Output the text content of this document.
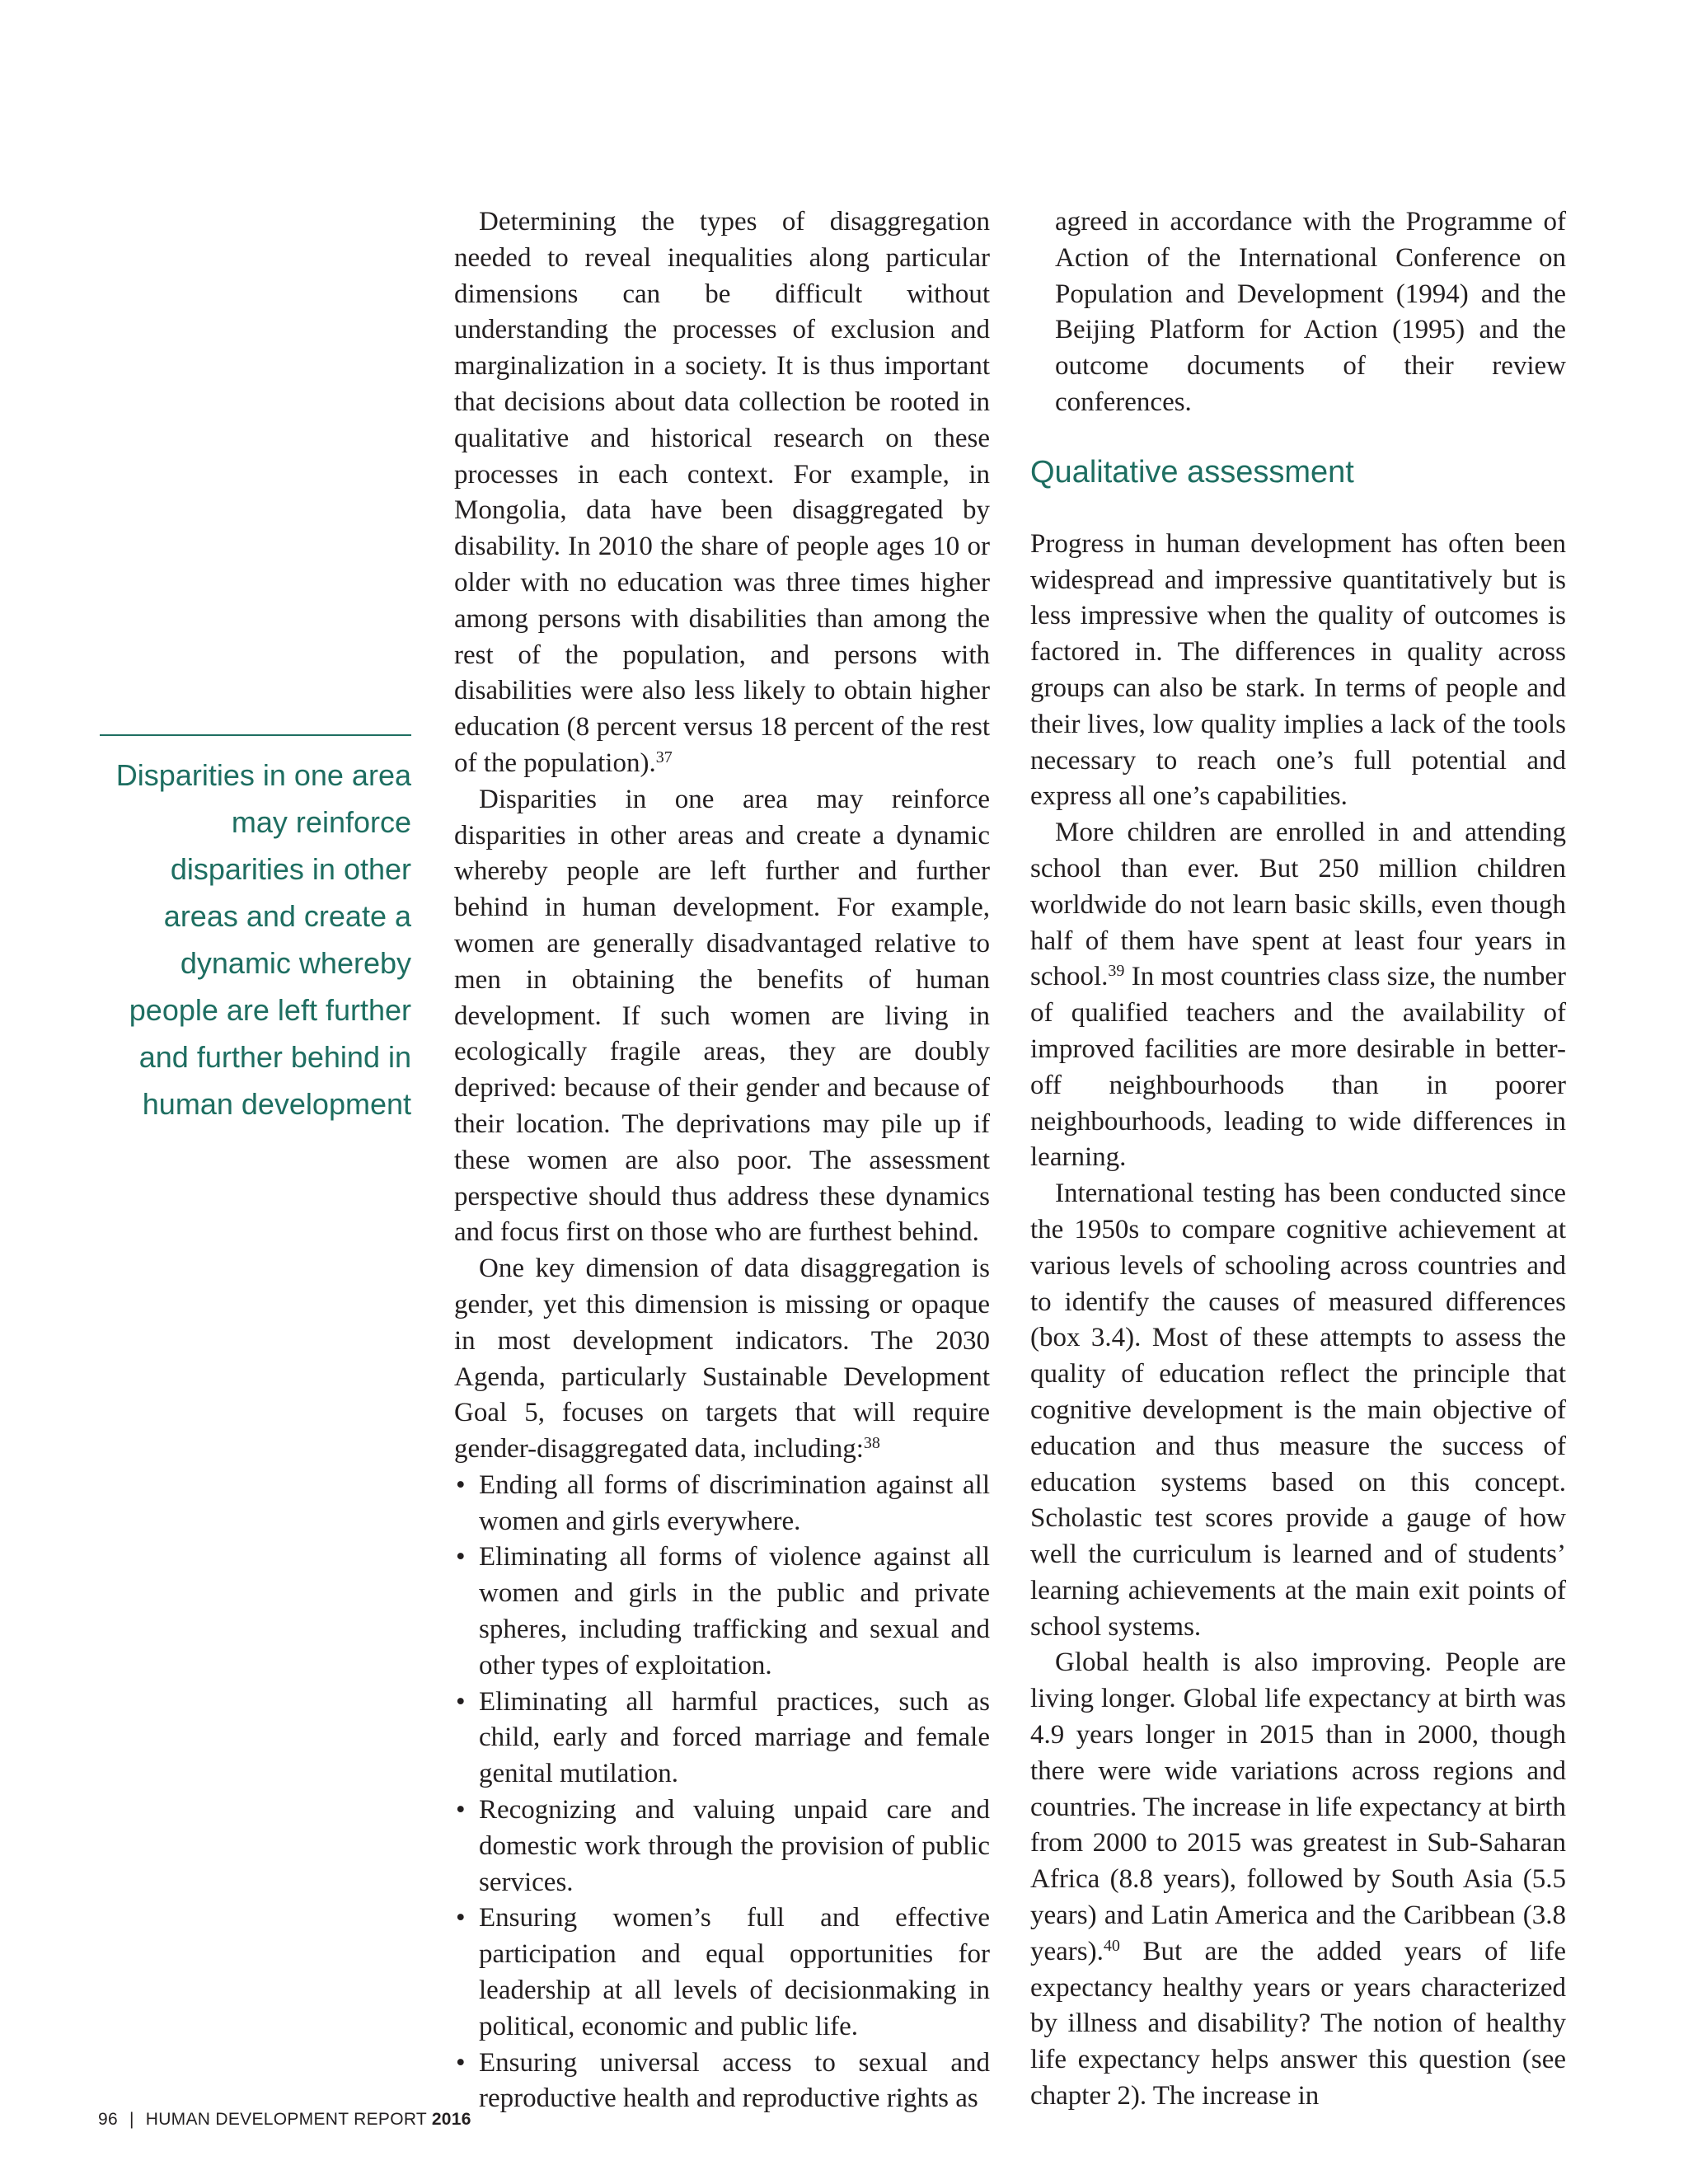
Disparities in one area may reinforce disparities in other areas and create a dynamic whereby people are left further and further behind in human development

Determining the types of disaggregation needed to reveal inequalities along particular dimensions can be difficult without understanding the processes of exclusion and marginalization in a society. It is thus important that decisions about data collection be rooted in qualitative and historical research on these processes in each context. For example, in Mongolia, data have been disaggregated by disability. In 2010 the share of people ages 10 or older with no education was three times higher among persons with disabilities than among the rest of the population, and persons with disabilities were also less likely to obtain higher education (8 percent versus 18 percent of the rest of the population).$^{37}$

Disparities in one area may reinforce disparities in other areas and create a dynamic whereby people are left further and further behind in human development. For example, women are generally disadvantaged relative to men in obtaining the benefits of human development. If such women are living in ecologically fragile areas, they are doubly deprived: because of their gender and because of their location. The deprivations may pile up if these women are also poor. The assessment perspective should thus address these dynamics and focus first on those who are furthest behind.

One key dimension of data disaggregation is gender, yet this dimension is missing or opaque in most development indicators. The 2030 Agenda, particularly Sustainable Development Goal 5, focuses on targets that will require gender-disaggregated data, including:$^{38}$

• Ending all forms of discrimination against all women and girls everywhere.
• Eliminating all forms of violence against all women and girls in the public and private spheres, including trafficking and sexual and other types of exploitation.
• Eliminating all harmful practices, such as child, early and forced marriage and female genital mutilation.
• Recognizing and valuing unpaid care and domestic work through the provision of public services.
• Ensuring women’s full and effective participation and equal opportunities for leadership at all levels of decisionmaking in political, economic and public life.
• Ensuring universal access to sexual and reproductive health and reproductive rights as

agreed in accordance with the Programme of Action of the International Conference on Population and Development (1994) and the Beijing Platform for Action (1995) and the outcome documents of their review conferences.

Qualitative assessment

Progress in human development has often been widespread and impressive quantitatively but is less impressive when the quality of outcomes is factored in. The differences in quality across groups can also be stark. In terms of people and their lives, low quality implies a lack of the tools necessary to reach one’s full potential and express all one’s capabilities.

More children are enrolled in and attending school than ever. But 250 million children worldwide do not learn basic skills, even though half of them have spent at least four years in school.$^{39}$ In most countries class size, the number of qualified teachers and the availability of improved facilities are more desirable in better-off neighbourhoods than in poorer neighbourhoods, leading to wide differences in learning.

International testing has been conducted since the 1950s to compare cognitive achievement at various levels of schooling across countries and to identify the causes of measured differences (box 3.4). Most of these attempts to assess the quality of education reflect the principle that cognitive development is the main objective of education and thus measure the success of education systems based on this concept. Scholastic test scores provide a gauge of how well the curriculum is learned and of students’ learning achievements at the main exit points of school systems.

Global health is also improving. People are living longer. Global life expectancy at birth was 4.9 years longer in 2015 than in 2000, though there were wide variations across regions and countries. The increase in life expectancy at birth from 2000 to 2015 was greatest in Sub-Saharan Africa (8.8 years), followed by South Asia (5.5 years) and Latin America and the Caribbean (3.8 years).$^{40}$ But are the added years of life expectancy healthy years or years characterized by illness and disability? The notion of healthy life expectancy helps answer this question (see chapter 2). The increase in

96 | HUMAN DEVELOPMENT REPORT 2016
